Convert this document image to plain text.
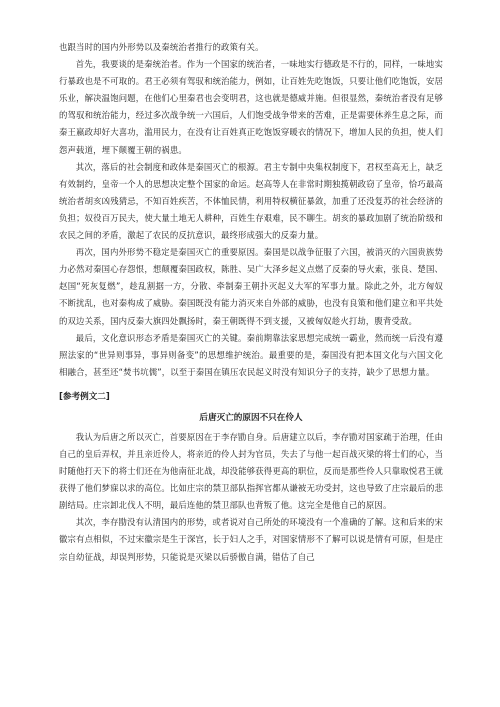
也跟当时的国内外形势以及秦统治者推行的政策有关。

首先，我要谈的是秦统治者。作为一个国家的统治者，一味地实行德政是不行的，同样，一味地实行暴政也是不可取的。君王必须有驾驭和统治能力，例如，让百姓先吃饱饭，只要让他们吃饱饭，安居乐业，解决温饱问题，在他们心里秦君也会变明君，这也就是德威并施。但很显然，秦统治者没有足够的驾驭和统治能力，经过多次战争统一六国后，人们饱受战争带来的苦难，正是需要休养生息之际，而秦王嬴政却好大喜功，滥用民力，在没有让百姓真正吃饱饭穿暖衣的情况下，增加人民的负担，使人们怨声载道，埋下颠覆王朝的祸患。

其次，落后的社会制度和政体是秦国灭亡的根源。君主专制中央集权制度下，君权至高无上，缺乏有效制约，皇帝一个人的思想决定整个国家的命运。赵高等人在非常时期独揽朝政窃了皇帝，恰巧最高统治者胡亥凶残猜忌，不知百姓疾苦，不体恤民情，利用特权横征暴敛，加重了还没复苏的社会经济的负担；奴役百万民夫，使大量土地无人耕种，百姓生存艰难，民不聊生。胡亥的暴政加剧了统治阶级和农民之间的矛盾，激起了农民的反抗意识，最终形成强大的反秦力量。

再次，国内外形势不稳定是秦国灭亡的重要原因。秦国是以战争征服了六国，被消灭的六国贵族势力必然对秦国心存怨恨，想颠覆秦国政权，陈胜、吴广大泽乡起义点燃了反秦的导火索，张良、楚国、赵国“死灰复燃”，趁乱割据一方，分散、牵制秦王朝扑灭起义大军的军事力量。除此之外，北方匈奴不断扰乱，也对秦构成了威胁。秦国既没有能力消灭来自外部的威胁，也没有良策和他们建立和平共处的双边关系，国内反秦大旗四处飘扬时，秦王朝既得不到支援，又被匈奴趁火打劫，腹背受敌。

最后，文化意识形态矛盾是秦国灭亡的关键。秦前期靠法家思想完成统一霸业，然而统一后没有遵照法家的“世异则事异，事异则备变”的思想维护统治。最重要的是，秦国没有把本国文化与六国文化相融合，甚至还“焚书坑儒”，以至于秦国在镇压农民起义时没有知识分子的支持，缺少了思想力量。

[参考例文二]
后唐灭亡的原因不只在伶人

我认为后唐之所以灭亡，首要原因在于李存勖自身。后唐建立以后，李存勖对国家疏于治理，任由自己的皇后弄权，并且亲近伶人，将亲近的伶人封为官员，失去了与他一起百战灭梁的将士们的心，当时随他打天下的将士们还在为他南征北战，却没能够获得更高的职位，反而是那些伶人只靠取悦君王就获得了他们梦寐以求的高位。比如庄宗的禁卫部队指挥官都从谦被无功受封，这也导致了庄宗最后的悲剧结局。庄宗卸北伐人不明，最后连他的禁卫部队也背叛了他。这完全是他自己的原因。

其次，李存勖没有认清国内的形势，或者说对自己所处的环境没有一个准确的了解。这和后来的宋徽宗有点相似，不过宋徽宗是生于深宫，长于妇人之手，对国家情形不了解可以说是情有可原，但是庄宗自幼征战，却误判形势，只能说是灭梁以后骄傲自满，错估了自己
